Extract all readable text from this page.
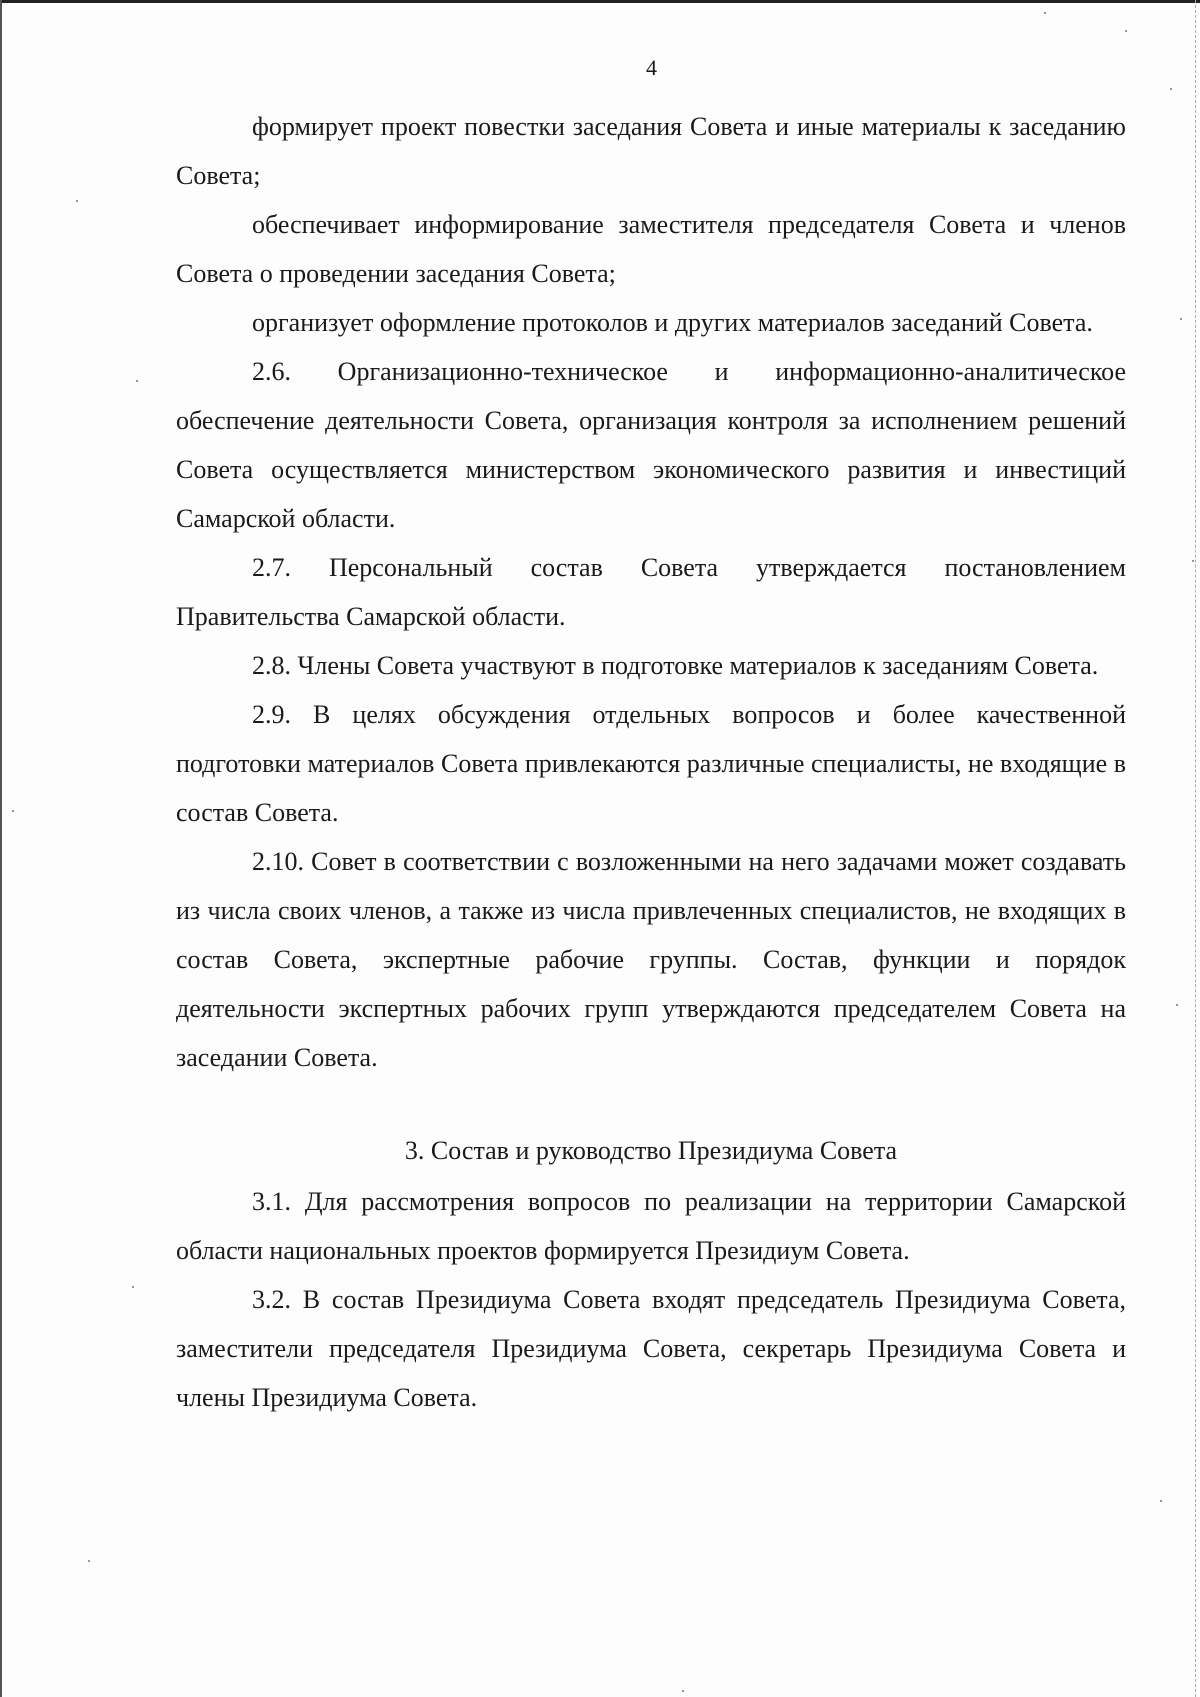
4

формирует проект повестки заседания Совета и иные материалы к заседанию Совета;

обеспечивает информирование заместителя председателя Совета и членов Совета о проведении заседания Совета;

организует оформление протоколов и других материалов заседаний Совета.

2.6. Организационно-техническое и информационно-аналитическое обеспечение деятельности Совета, организация контроля за исполнением решений Совета осуществляется министерством экономического развития и инвестиций Самарской области.

2.7. Персональный состав Совета утверждается постановлением Правительства Самарской области.

2.8. Члены Совета участвуют в подготовке материалов к заседаниям Совета.

2.9. В целях обсуждения отдельных вопросов и более качественной подготовки материалов Совета привлекаются различные специалисты, не входящие в состав Совета.

2.10. Совет в соответствии с возложенными на него задачами может создавать из числа своих членов, а также из числа привлеченных специалистов, не входящих в состав Совета, экспертные рабочие группы. Состав, функции и порядок деятельности экспертных рабочих групп утверждаются председателем Совета на заседании Совета.

3. Состав и руководство Президиума Совета

3.1. Для рассмотрения вопросов по реализации на территории Самарской области национальных проектов формируется Президиум Совета.

3.2. В состав Президиума Совета входят председатель Президиума Совета, заместители председателя Президиума Совета, секретарь Президиума Совета и члены Президиума Совета.
